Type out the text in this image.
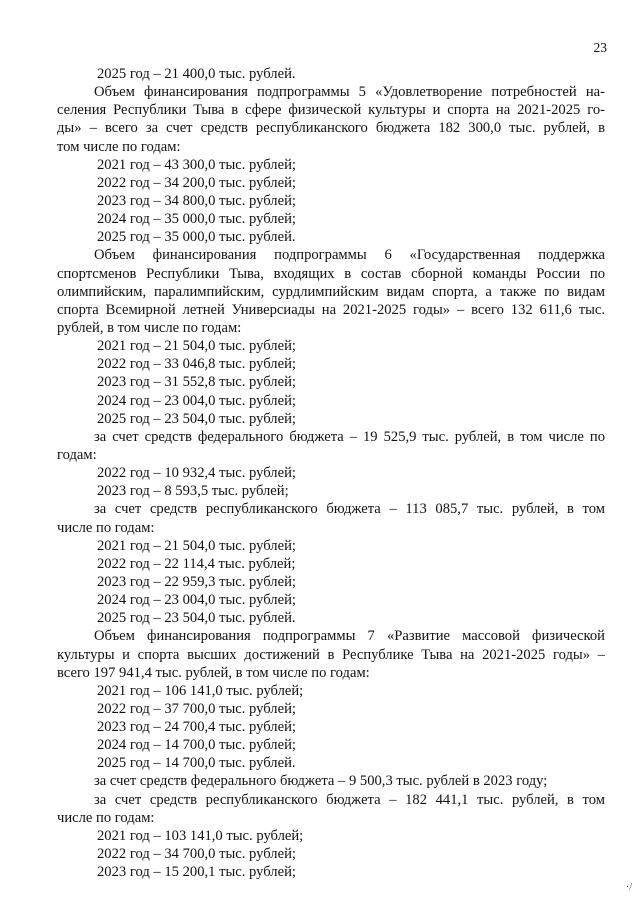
23
2025 год – 21 400,0 тыс. рублей.
Объем финансирования подпрограммы 5 «Удовлетворение потребностей на-
селения Республики Тыва в сфере физической культуры и спорта на 2021-2025 го-
ды» – всего за счет средств республиканского бюджета 182 300,0 тыс. рублей, в
том числе по годам:
2021 год – 43 300,0 тыс. рублей;
2022 год – 34 200,0 тыс. рублей;
2023 год – 34 800,0 тыс. рублей;
2024 год – 35 000,0 тыс. рублей;
2025 год – 35 000,0 тыс. рублей.
Объем финансирования подпрограммы 6 «Государственная поддержка
спортсменов Республики Тыва, входящих в состав сборной команды России по
олимпийским, паралимпийским, сурдлимпийским видам спорта, а также по видам
спорта Всемирной летней Универсиады на 2021-2025 годы» – всего 132 611,6 тыс.
рублей, в том числе по годам:
2021 год – 21 504,0 тыс. рублей;
2022 год – 33 046,8 тыс. рублей;
2023 год – 31 552,8 тыс. рублей;
2024 год – 23 004,0 тыс. рублей;
2025 год – 23 504,0 тыс. рублей;
за счет средств федерального бюджета – 19 525,9 тыс. рублей, в том числе по
годам:
2022 год – 10 932,4 тыс. рублей;
2023 год – 8 593,5 тыс. рублей;
за счет средств республиканского бюджета – 113 085,7 тыс. рублей, в том
числе по годам:
2021 год – 21 504,0 тыс. рублей;
2022 год – 22 114,4 тыс. рублей;
2023 год – 22 959,3 тыс. рублей;
2024 год – 23 004,0 тыс. рублей;
2025 год – 23 504,0 тыс. рублей.
Объем финансирования подпрограммы 7 «Развитие массовой физической
культуры и спорта высших достижений в Республике Тыва на 2021-2025 годы» –
всего 197 941,4 тыс. рублей, в том числе по годам:
2021 год – 106 141,0 тыс. рублей;
2022 год – 37 700,0 тыс. рублей;
2023 год – 24 700,4 тыс. рублей;
2024 год – 14 700,0 тыс. рублей;
2025 год – 14 700,0 тыс. рублей.
за счет средств федерального бюджета – 9 500,3 тыс. рублей в 2023 году;
за счет средств республиканского бюджета – 182 441,1 тыс. рублей, в том
числе по годам:
2021 год – 103 141,0 тыс. рублей;
2022 год – 34 700,0 тыс. рублей;
2023 год – 15 200,1 тыс. рублей;
·/
